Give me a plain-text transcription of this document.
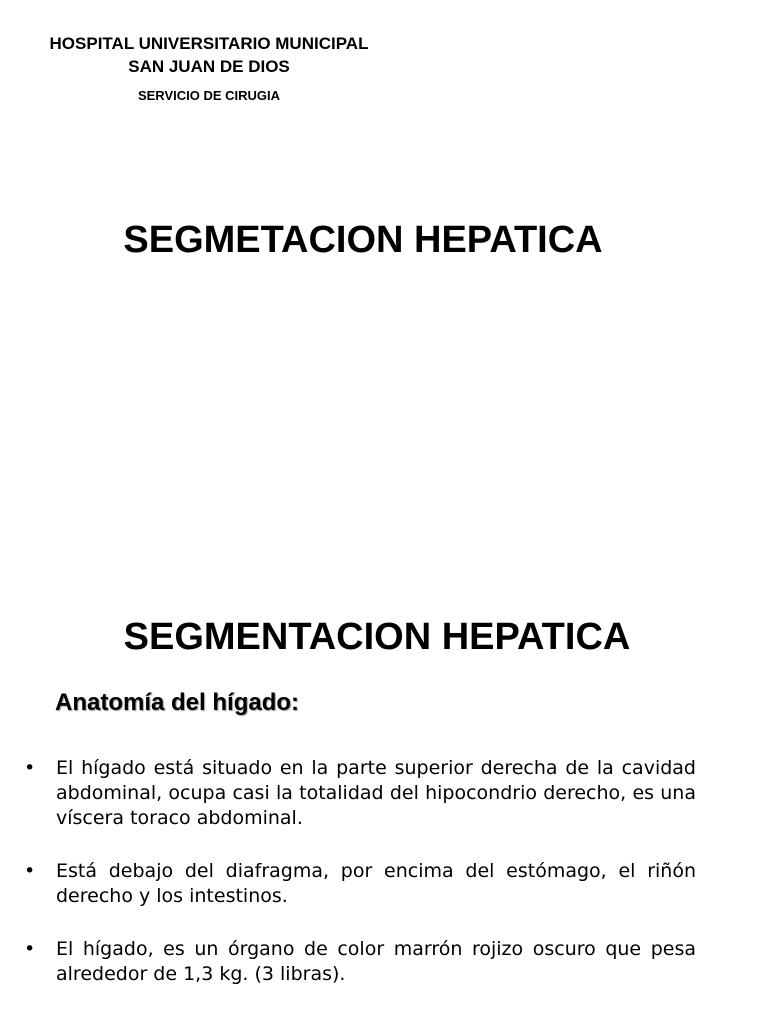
HOSPITAL UNIVERSITARIO MUNICIPAL
SAN JUAN DE DIOS
SERVICIO DE CIRUGIA
SEGMETACION HEPATICA
SEGMENTACION HEPATICA
Anatomía del hígado:
• El hígado está situado en la parte superior derecha de la cavidad abdominal, ocupa casi la totalidad del hipocondrio derecho, es una víscera toraco abdominal.
• Está debajo del diafragma, por encima del estómago, el riñón derecho y los intestinos.
• El hígado, es un órgano de color marrón rojizo oscuro que pesa alrededor de 1,3 kg. (3 libras).
